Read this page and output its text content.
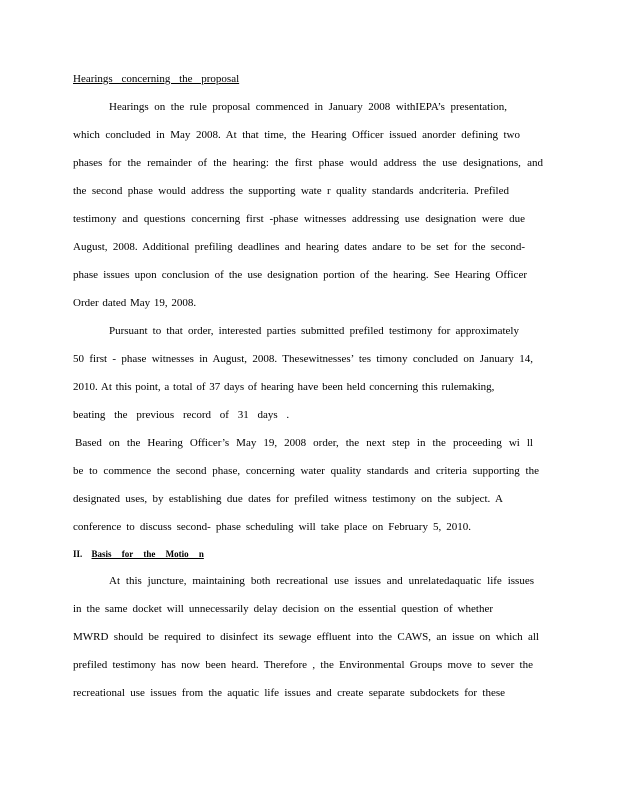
Hearings concerning the proposal
Hearings on the rule proposal commenced in January 2008 withIEPA’s presentation,
which concluded in May 2008. At that time, the Hearing Officer issued anorder defining two
phases for the remainder of the hearing: the first phase would address the use designations, and
the second phase would address the supporting wate r quality standards andcriteria. Prefiled
testimony and questions concerning first -phase witnesses addressing use designation were due
August, 2008. Additional prefiling deadlines and hearing dates andare to be set for the second-
phase issues upon conclusion of the use designation portion of the hearing. See Hearing Officer
Order dated May 19, 2008.
Pursuant to that order, interested parties submitted prefiled testimony for approximately
50 first - phase witnesses in August, 2008. Thesewitnesses’ tes timony concluded on January 14,
2010. At this point, a total of 37 days of hearing have been held concerning this rulemaking,
beating the previous record of 31 days .
Based on the Hearing Officer’s May 19, 2008 order, the next step in the proceeding wi ll
be to commence the second phase, concerning water quality standards and criteria supporting the
designated uses, by establishing due dates for prefiled witness testimony on the subject. A
conference to discuss second- phase scheduling will take place on February 5, 2010.
II. Basis for the Motio n
At this juncture, maintaining both recreational use issues and unrelatedaquatic life issues
in the same docket will unnecessarily delay decision on the essential question of whether
MWRD should be required to disinfect its sewage effluent into the CAWS, an issue on which all
prefiled testimony has now been heard. Therefore , the Environmental Groups move to sever the
recreational use issues from the aquatic life issues and create separate subdockets for these
